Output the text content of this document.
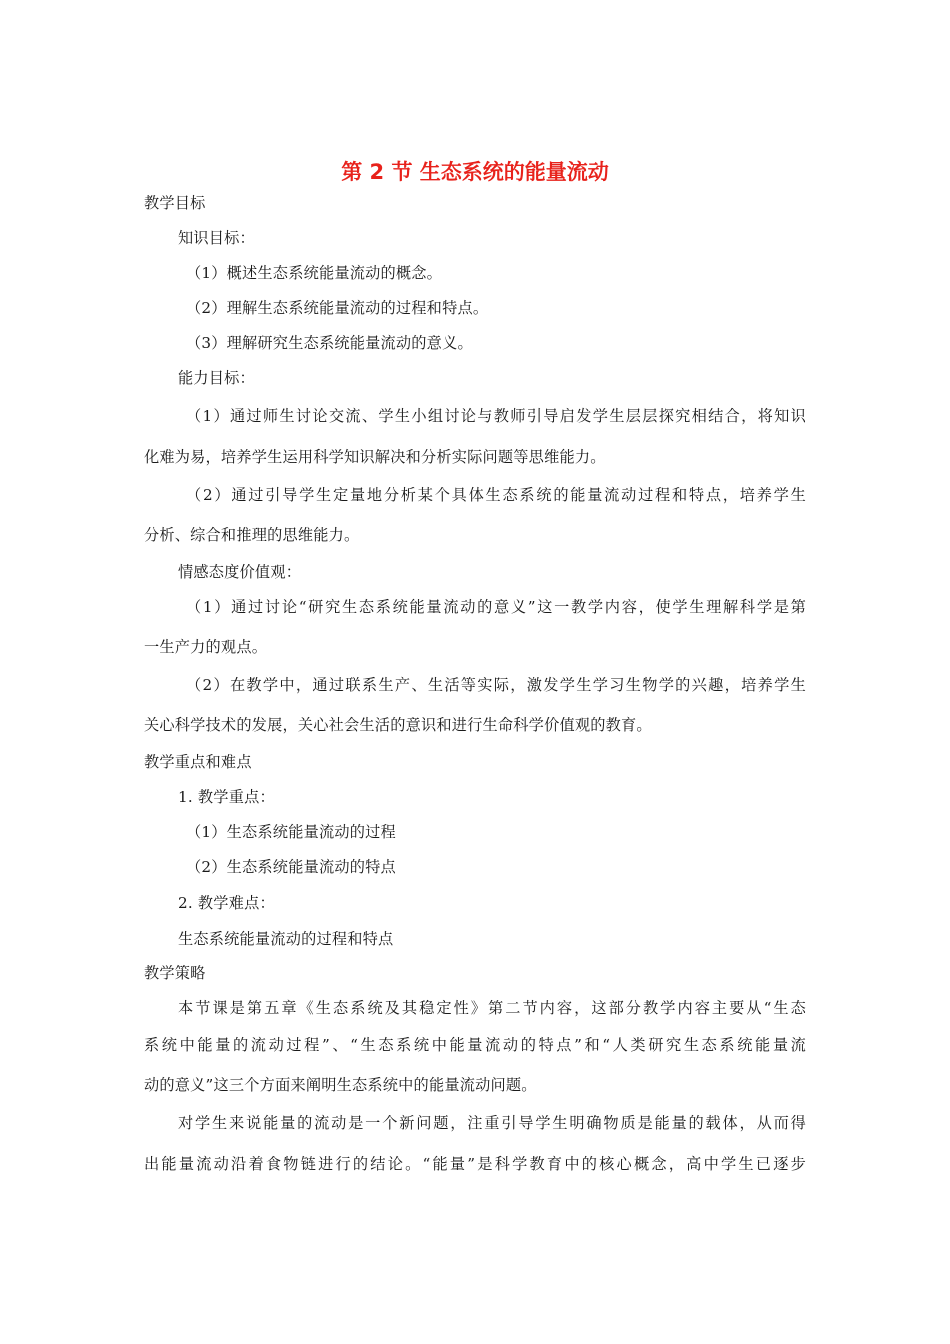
第 2 节 生态系统的能量流动
教学目标
知识目标：
（1）概述生态系统能量流动的概念。
（2）理解生态系统能量流动的过程和特点。
（3）理解研究生态系统能量流动的意义。
能力目标：
（1）通过师生讨论交流、学生小组讨论与教师引导启发学生层层探究相结合，将知识
化难为易，培养学生运用科学知识解决和分析实际问题等思维能力。
（2）通过引导学生定量地分析某个具体生态系统的能量流动过程和特点，培养学生
分析、综合和推理的思维能力。
情感态度价值观：
（1）通过讨论“研究生态系统能量流动的意义”这一教学内容，使学生理解科学是第
一生产力的观点。
（2）在教学中，通过联系生产、生活等实际，激发学生学习生物学的兴趣，培养学生
关心科学技术的发展，关心社会生活的意识和进行生命科学价值观的教育。
教学重点和难点
1. 教学重点：
（1）生态系统能量流动的过程
（2）生态系统能量流动的特点
2. 教学难点：
生态系统能量流动的过程和特点
教学策略
本节课是第五章《生态系统及其稳定性》第二节内容，这部分教学内容主要从“生态
系统中能量的流动过程”、“生态系统中能量流动的特点”和“人类研究生态系统能量流
动的意义”这三个方面来阐明生态系统中的能量流动问题。
对学生来说能量的流动是一个新问题，注重引导学生明确物质是能量的载体，从而得
出能量流动沿着食物链进行的结论。“能量”是科学教育中的核心概念，高中学生已逐步
